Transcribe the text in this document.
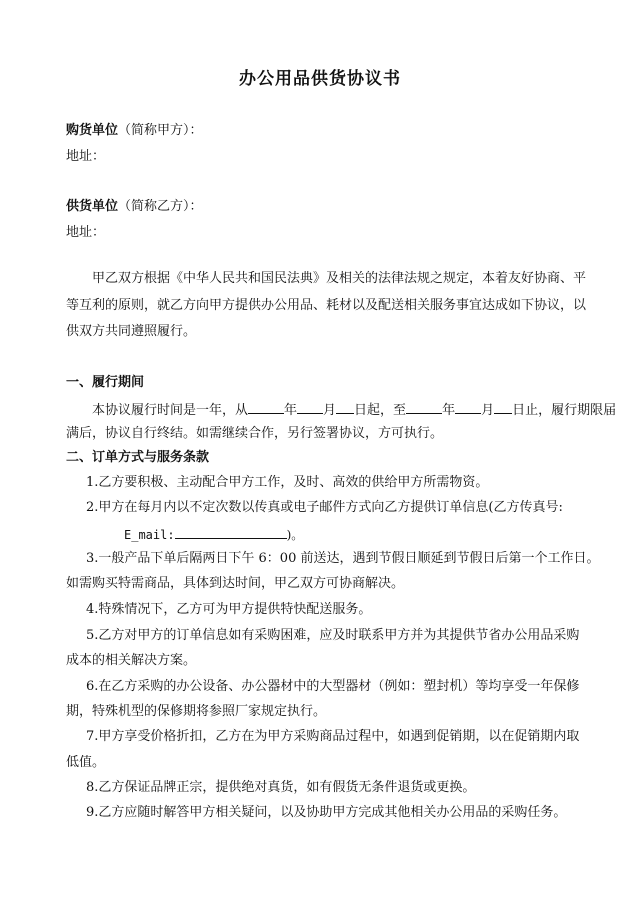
办公用品供货协议书
购货单位（简称甲方）：
地址：
供货单位（简称乙方）：
地址：
甲乙双方根据《中华人民共和国民法典》及相关的法律法规之规定，本着友好协商、平
等互利的原则，就乙方向甲方提供办公用品、耗材以及配送相关服务事宜达成如下协议，以
供双方共同遵照履行。
一、履行期间
本协议履行时间是一年，从	年 月 日起，至	年 月 日止，履行期限届
满后，协议自行终结。如需继续合作，另行签署协议，方可执行。
二、订单方式与服务条款
1.乙方要积极、主动配合甲方工作，及时、高效的供给甲方所需物资。
2.甲方在每月内以不定次数以传真或电子邮件方式向乙方提供订单信息(乙方传真号:
E_mail:	)。
3.一般产品下单后隔两日下午 6：00 前送达，遇到节假日顺延到节假日后第一个工作日。
如需购买特需商品，具体到达时间，甲乙双方可协商解决。
4.特殊情况下，乙方可为甲方提供特快配送服务。
5.乙方对甲方的订单信息如有采购困难，应及时联系甲方并为其提供节省办公用品采购
成本的相关解决方案。
6.在乙方采购的办公设备、办公器材中的大型器材（例如：塑封机）等均享受一年保修
期，特殊机型的保修期将参照厂家规定执行。
7.甲方享受价格折扣，乙方在为甲方采购商品过程中，如遇到促销期，以在促销期内取
低值。
8.乙方保证品牌正宗，提供绝对真货，如有假货无条件退货或更换。
9.乙方应随时解答甲方相关疑问，以及协助甲方完成其他相关办公用品的采购任务。
